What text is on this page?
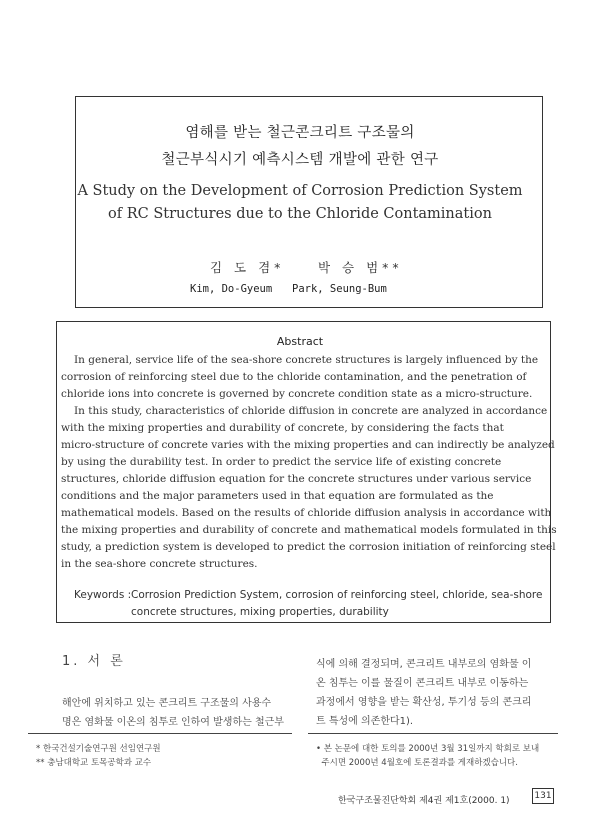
염해를 받는 철근콘크리트 구조물의
철근부식시기 예측시스템 개발에 관한 연구
A Study on the Development of Corrosion Prediction System
of RC Structures due to the Chloride Contamination
김 도 겸*	박 승 범**
Kim, Do-Gyeum Park, Seung-Bum
Abstract
In general, service life of the sea-shore concrete structures is largely influenced by the
corrosion of reinforcing steel due to the chloride contamination, and the penetration of
chloride ions into concrete is governed by concrete condition state as a micro-structure.
In this study, characteristics of chloride diffusion in concrete are analyzed in accordance
with the mixing properties and durability of concrete, by considering the facts that
micro-structure of concrete varies with the mixing properties and can indirectly be analyzed
by using the durability test. In order to predict the service life of existing concrete
structures, chloride diffusion equation for the concrete structures under various service
conditions and the major parameters used in that equation are formulated as the
mathematical models. Based on the results of chloride diffusion analysis in accordance with
the mixing properties and durability of concrete and mathematical models formulated in this
study, a prediction system is developed to predict the corrosion initiation of reinforcing steel
in the sea-shore concrete structures.
Keywords : Corrosion Prediction System, corrosion of reinforcing steel, chloride, sea-shore
concrete structures, mixing properties, durability
1. 서 론
해안에 위치하고 있는 콘크리트 구조물의 사용수
명은 염화물 이온의 침투로 인하여 발생하는 철근부
식에 의해 결정되며, 콘크리트 내부로의 염화물 이
온 침투는 이를 물질이 콘크리트 내부로 이동하는
과정에서 영향을 받는 확산성, 투기성 등의 콘크리
트 특성에 의존한다1).
* 한국건설기술연구원 선임연구원
** 충남대학교 토목공학과 교수
• 본 논문에 대한 토의를 2000년 3월 31일까지 학회로 보내
주시면 2000년 4월호에 토론결과를 게재하겠습니다.
한국구조물진단학회 제4권 제1호(2000. 1)	131
